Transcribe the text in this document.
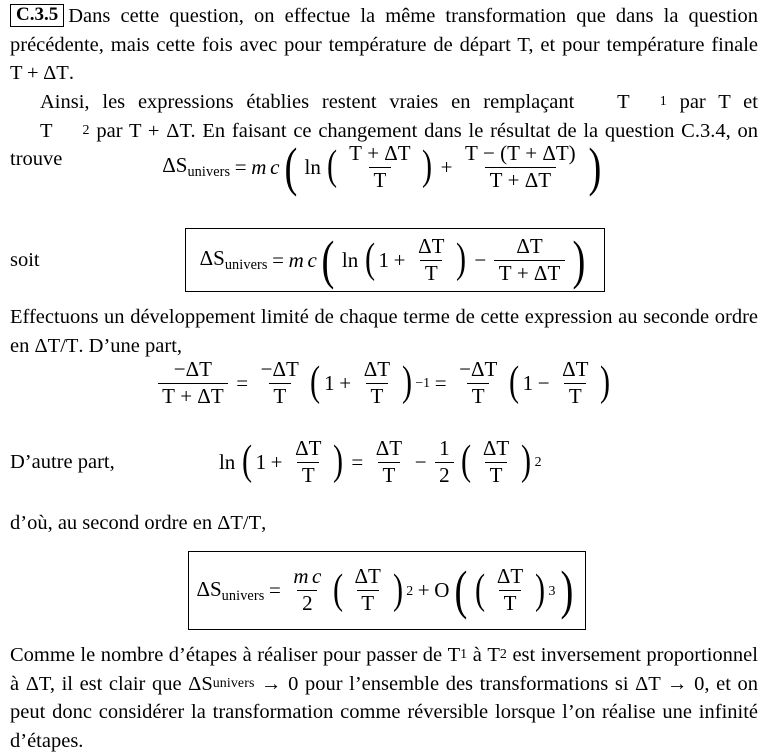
C.3.5 Dans cette question, on effectue la même transformation que dans la question précédente, mais cette fois avec pour température de départ T, et pour température finale T + ΔT.

Ainsi, les expressions établies restent vraies en remplaçant T	1 par T et T	2 par T + ΔT. En faisant ce changement dans le résultat de la question C.3.4, on trouve	$\Delta S_{univers} = m$ c ( ln ( $\frac{T + \Delta T}{T}$ ) + $\frac{T - (T + \Delta T)}{T + \Delta T}$ )
soit	$\Delta S_{univers} = m$ c ( ln ( $1 + \frac{\Delta T}{T}$ ) − $\frac{\Delta T}{T + \Delta T}$ )

Effectuons un développement limité de chaque terme de cette expression au seconde ordre en ΔT/T. D’une part,

$\frac{-\Delta T}{T + \Delta T} = \frac{-\Delta T}{T}$ ( $1 + \frac{\Delta T}{T}$ ) $-1 = \frac{-\Delta T}{T}$ ( $1 - \frac{\Delta T}{T}$ )
D’autre part,	ln ( $1 + \frac{\Delta T}{T}$ ) = $\frac{\Delta T}{T} - \frac{1}{2}$ ( $\frac{\Delta T}{T}$ ) 2

d’où, au second ordre en ΔT/T,

$\Delta S_{univers} = \frac{\text{m c}}{2}$ ( $\frac{\Delta T}{T}$ ) 2 + O ( ( $\frac{\Delta T}{T}$ ) 3 )

Comme le nombre d’étapes à réaliser pour passer de T 1 à T 2 est inversement proportionnel à ΔT, il est clair que ΔS univers → 0 pour l’ensemble des transformations si ΔT → 0, et on peut donc considérer la transformation comme réversible lorsque l’on réalise une infinité d’étapes.
